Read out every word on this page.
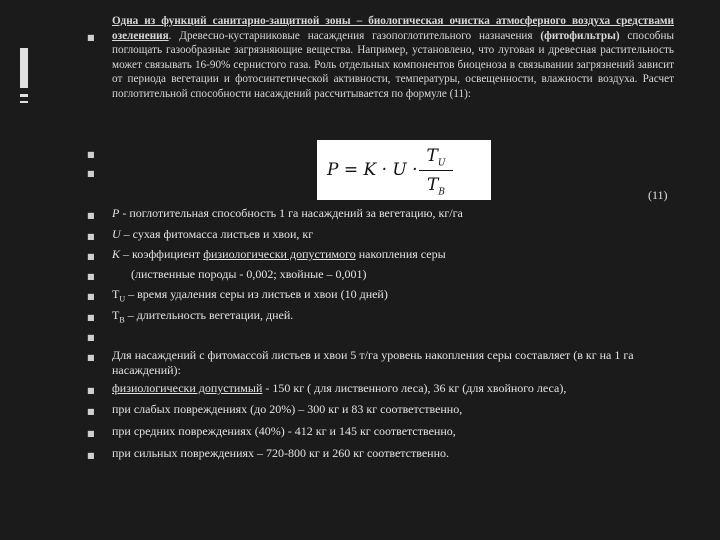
■
■
■
■
■
■
■
■
■
■
■
■
■
■
■
Одна из функций санитарно-защитной зоны – биологическая очистка атмосферного воздуха средствами озеленения. Древесно-кустарниковые насаждения газопоглотительного назначения (фитофильтры) способны поглощать газообразные загрязняющие вещества. Например, установлено, что луговая и древесная растительность может связывать 16-90% сернистого газа. Роль отдельных компонентов биоценоза в связывании загрязнений зависит от периода вегетации и фотосинтетической активности, температуры, освещенности, влажности воздуха. Расчет поглотительной способности насаждений рассчитывается по формуле (11):
P = K · U ·
$T_U$
$T_B$	(11)
P - поглотительная способность 1 га насаждений за вегетацию, кг/га
U – сухая фитомасса листьев и хвои, кг
K – коэффициент физиологически допустимого накопления серы
(лиственные породы - 0,002; хвойные – 0,001)
$T_U$ – время удаления серы из листьев и хвои (10 дней)
$T_B$ – длительность вегетации, дней.
Для насаждений с фитомассой листьев и хвои 5 т/га уровень накопления серы составляет (в кг на 1 га насаждений):
физиологически допустимый - 150 кг ( для лиственного леса), 36 кг (для хвойного леса),
при слабых повреждениях (до 20%) – 300 кг и 83 кг соответственно,
при средних повреждениях (40%) - 412 кг и 145 кг соответственно,
при сильных повреждениях – 720-800 кг и 260 кг соответственно.
